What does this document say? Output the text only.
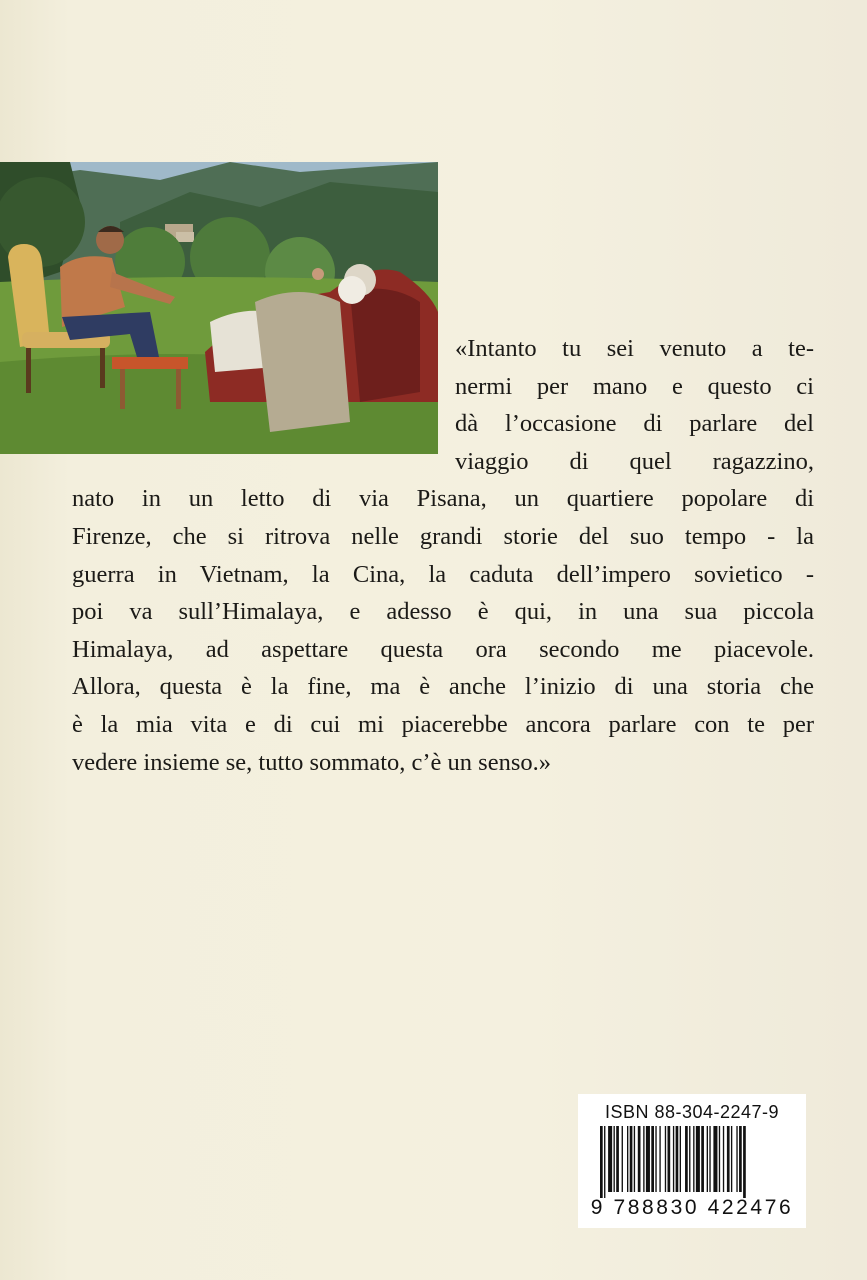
«Intanto tu sei venuto a te-
nermi per mano e questo ci
dà l’occasione di parlare del
viaggio di quel ragazzino,
nato in un letto di via Pisana, un quartiere popolare di
Firenze, che si ritrova nelle grandi storie del suo tempo - la
guerra in Vietnam, la Cina, la caduta dell’impero sovietico -
poi va sull’Himalaya, e adesso è qui, in una sua piccola
Himalaya, ad aspettare questa ora secondo me piacevole.
Allora, questa è la fine, ma è anche l’inizio di una storia che
è la mia vita e di cui mi piacerebbe ancora parlare con te per
vedere insieme se, tutto sommato, c’è un senso.»
ISBN 88-304-2247-9
9 788830 422476
